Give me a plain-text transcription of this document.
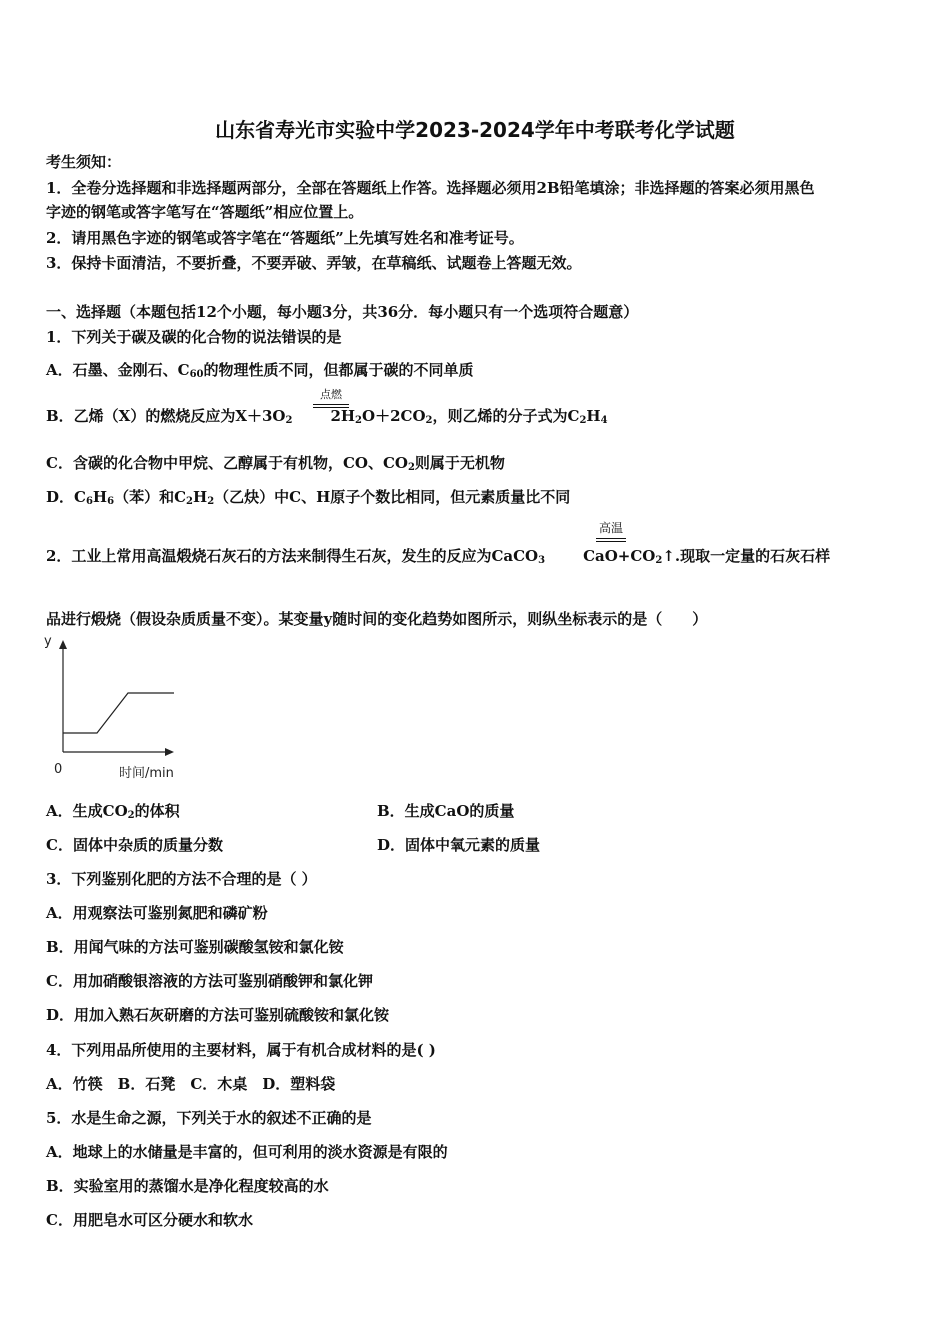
山东省寿光市实验中学2023-2024学年中考联考化学试题
考生须知：
1．全卷分选择题和非选择题两部分，全部在答题纸上作答。选择题必须用2B铅笔填涂；非选择题的答案必须用黑色
字迹的钢笔或答字笔写在“答题纸”相应位置上。
2．请用黑色字迹的钢笔或答字笔在“答题纸”上先填写姓名和准考证号。
3．保持卡面清洁，不要折叠，不要弄破、弄皱，在草稿纸、试题卷上答题无效。
一、选择题（本题包括12个小题，每小题3分，共36分．每小题只有一个选项符合题意）
1．下列关于碳及碳的化合物的说法错误的是
A．石墨、金刚石、$C_{60}$的物理性质不同，但都属于碳的不同单质
B．乙烯（X）的燃烧反应为$X+3O_2$	$2H_2O+2CO_2$，则乙烯的分子式为$C_2H_4$
点燃
C．含碳的化合物中甲烷、乙醇属于有机物，CO、$CO_2$则属于无机物
D．$C_6H_6$（苯）和$C_2H_2$（乙炔）中C、H原子个数比相同，但元素质量比不同
2．工业上常用高温煅烧石灰石的方法来制得生石灰，发生的反应为CaCO$_3$	$CaO+CO_2↑$.现取一定量的石灰石样
高温
品进行煅烧（假设杂质质量不变）。某变量y随时间的变化趋势如图所示，则纵坐标表示的是（　　）
y
0	时间/min
A．生成$CO_2$的体积	B．生成CaO的质量
C．固体中杂质的质量分数	D．固体中氧元素的质量
3．下列鉴别化肥的方法不合理的是（ ）
A．用观察法可鉴别氮肥和磷矿粉
B．用闻气味的方法可鉴别碳酸氢铵和氯化铵
C．用加硝酸银溶液的方法可鉴别硝酸钾和氯化钾
D．用加入熟石灰研磨的方法可鉴别硫酸铵和氯化铵
4．下列用品所使用的主要材料，属于有机合成材料的是( )
A．竹筷　B．石凳　C．木桌　D．塑料袋
5．水是生命之源，下列关于水的叙述不正确的是
A．地球上的水储量是丰富的，但可利用的淡水资源是有限的
B．实验室用的蒸馏水是净化程度较高的水
C．用肥皂水可区分硬水和软水
